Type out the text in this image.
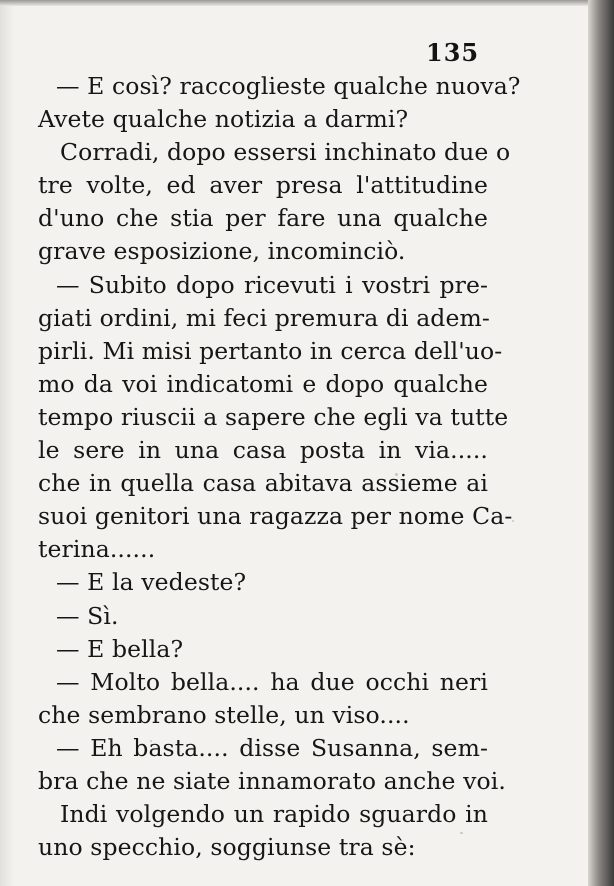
135
— E così? raccoglieste qualche nuova?
Avete qualche notizia a darmi?
Corradi, dopo essersi inchinato due o
tre volte, ed aver presa l'attitudine
d'uno che stia per fare una qualche
grave esposizione, incominciò.
— Subito dopo ricevuti i vostri pre-
giati ordini, mi feci premura di adem-
pirli. Mi misi pertanto in cerca dell'uo-
mo da voi indicatomi e dopo qualche
tempo riuscii a sapere che egli va tutte
le sere in una casa posta in via.....
che in quella casa abitava assieme ai
suoi genitori una ragazza per nome Ca-
terina......
— E la vedeste?
— Sì.
— E bella?
— Molto bella.... ha due occhi neri
che sembrano stelle, un viso....
— Eh basta.... disse Susanna, sem-
bra che ne siate innamorato anche voi.
Indi volgendo un rapido sguardo in
uno specchio, soggiunse tra sè:
